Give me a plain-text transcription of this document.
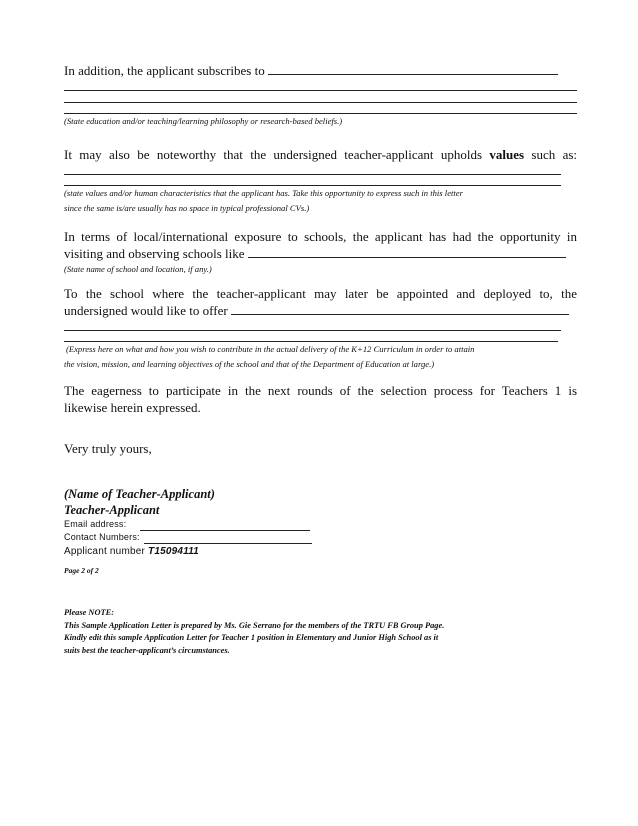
In addition, the applicant subscribes to

(State education and/or teaching/learning philosophy or research-based beliefs.)

It may also be noteworthy that the undersigned teacher-applicant upholds values such as:

(state values and/or human characteristics that the applicant has. Take this opportunity to express such in this letter

since the same is/are usually has no space in typical professional CVs.)

In terms of local/international exposure to schools, the applicant has had the opportunity in

visiting and observing schools like

(State name of school and location, if any.)

To the school where the teacher-applicant may later be appointed and deployed to, the

undersigned would like to offer

(Express here on what and how you wish to contribute in the actual delivery of the K+12 Curriculum in order to attain

the vision, mission, and learning objectives of the school and that of the Department of Education at large.)

The eagerness to participate in the next rounds of the selection process for Teachers 1 is

likewise herein expressed.

Very truly yours,

(Name of Teacher-Applicant)
Teacher-Applicant
Email address:
Contact Numbers:
Applicant number T15094111
Page 2 of 2
Please NOTE:
This Sample Application Letter is prepared by Ms. Gie Serrano for the members of the TRTU FB Group Page.
Kindly edit this sample Application Letter for Teacher 1 position in Elementary and Junior High School as it
suits best the teacher-applicant’s circumstances.
